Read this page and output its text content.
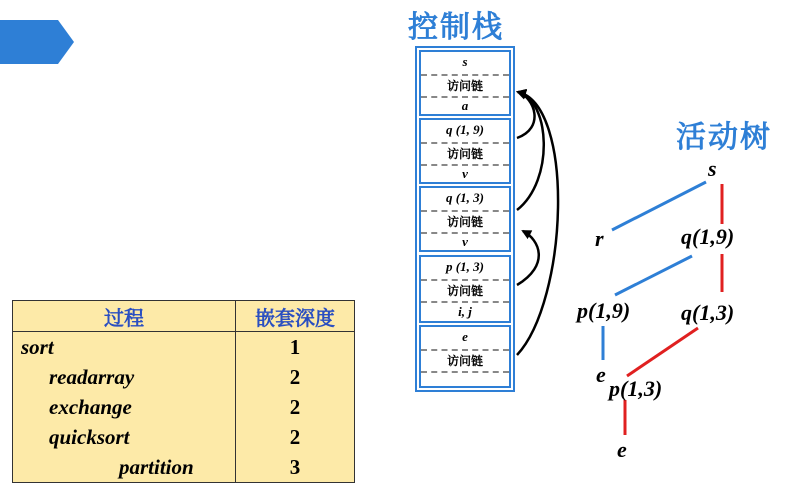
控制栈
活动树
s
访问链
a
q (1, 9)
访问链
v
q (1, 3)
访问链
v
p (1, 3)
访问链
i, j
e
访问链
s
r	q(1,9)
p(1,9) q(1,3)
e
p(1,3)
e
过程	嵌套深度
sort	1
readarray	2
exchange	2
quicksort	2
partition	3
